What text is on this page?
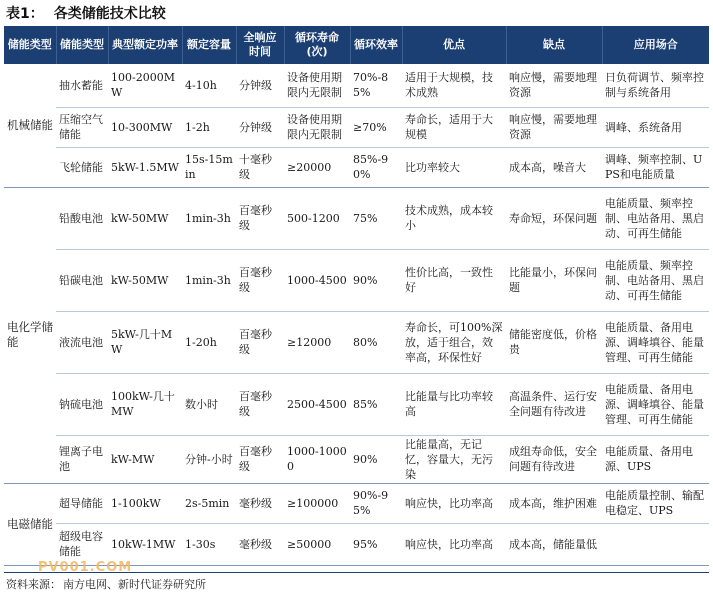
表1： 各类储能技术比较
储能类型	储能类型	典型额定功率	额定容量	全响应时间	循环寿命(次)	循环效率	优点	缺点	应用场合
机械储能	抽水蓄能	100-2000MW	4-10h	分钟级	设备使用期限内无限制	70%-85%	适用于大规模，技术成熟	响应慢，需要地理资源	日负荷调节、频率控制与系统备用
	压缩空气储能	10-300MW	1-2h	分钟级	设备使用期限内无限制	≥70%	寿命长，适用于大规模	响应慢，需要地理资源	调峰、系统备用
	飞轮储能	5kW-1.5MW	15s-15min	十毫秒级	≥20000	85%-90%	比功率较大	成本高，噪音大	调峰、频率控制、UPS和电能质量
电化学储能	铅酸电池	kW-50MW	1min-3h	百毫秒级	500-1200	75%	技术成熟，成本较小	寿命短，环保问题	电能质量、频率控制、电站备用、黑启动、可再生储能
	铅碳电池	kW-50MW	1min-3h	百毫秒级	1000-4500	90%	性价比高，一致性好	比能量小，环保问题	电能质量、频率控制、电站备用、黑启动、可再生储能
	液流电池	5kW-几十MW	1-20h	百毫秒级	≥12000	80%	寿命长，可100%深放，适于组合，效率高，环保性好	储能密度低，价格贵	电能质量、备用电源、调峰填谷、能量管理、可再生储能
	钠硫电池	100kW-几十MW	数小时	百毫秒级	2500-4500	85%	比能量与比功率较高	高温条件、运行安全问题有待改进	电能质量、备用电源、调峰填谷、能量管理、可再生储能
	锂离子电池	kW-MW	分钟-小时	百毫秒级	1000-10000	90%	比能量高，无记忆，容量大，无污染	成组寿命低，安全问题有待改进	电能质量、备用电源、UPS
电磁储能	超导储能	1-100kW	2s-5min	毫秒级	≥100000	90%-95%	响应快，比功率高	成本高，维护困难	电能质量控制、输配电稳定、UPS
	超级电容储能	10kW-1MW	1-30s	毫秒级	≥50000	95%	响应快，比功率高	成本高，储能量低	
PV001.COM
资料来源： 南方电网、新时代证券研究所
